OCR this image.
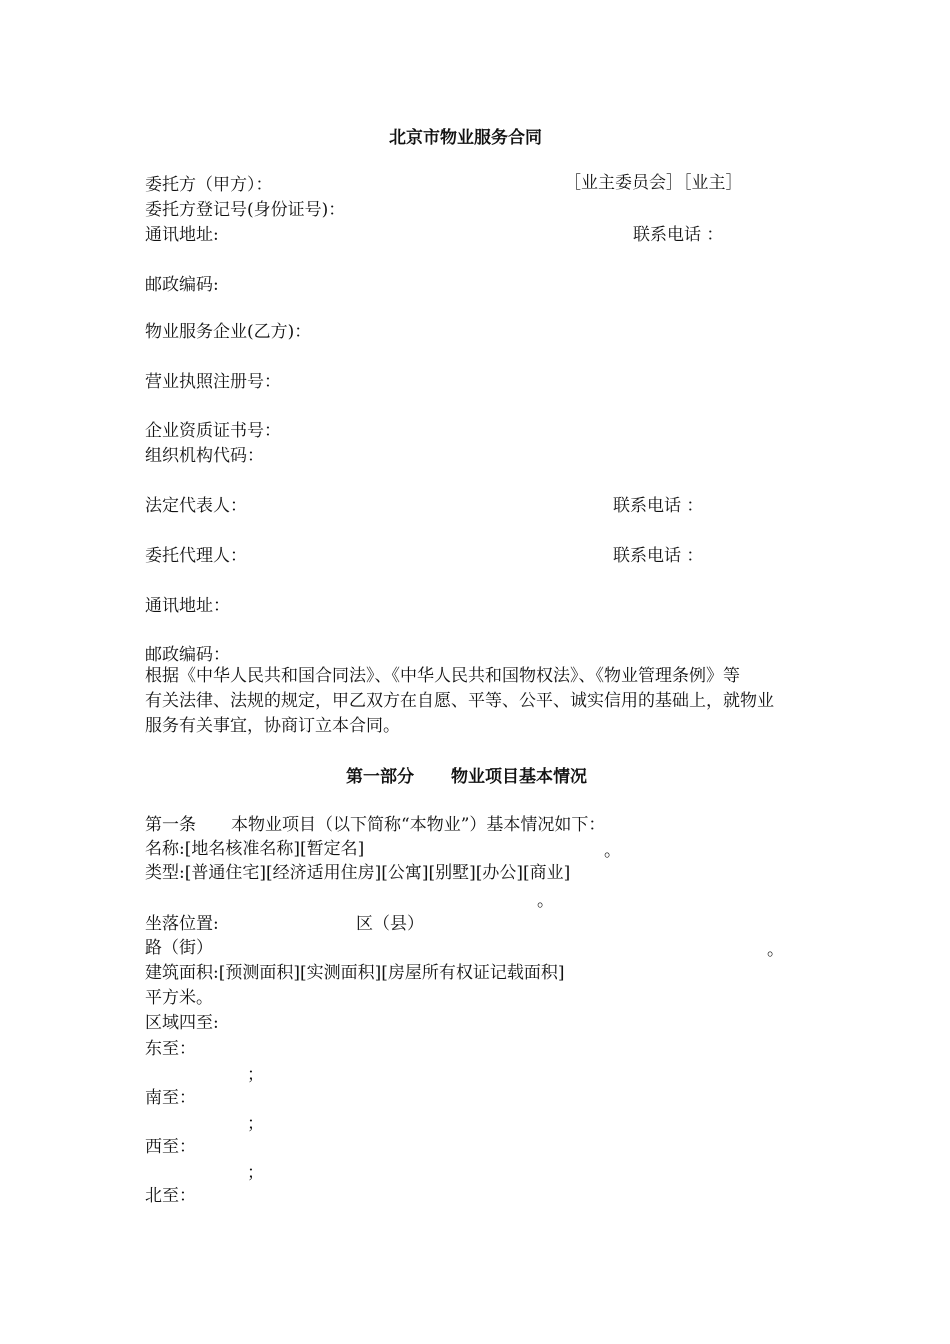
北京市物业服务合同
委托方（甲方）：	［业主委员会］［业主］
委托方登记号(身份证号)：
通讯地址:	联系电话 ：
邮政编码:
物业服务企业(乙方)：
营业执照注册号：
企业资质证书号：
组织机构代码：
法定代表人：	联系电话 ：
委托代理人：	联系电话 ：
通讯地址：
邮政编码：
根据《中华人民共和国合同法》、《中华人民共和国物权法》、《物业管理条例》等
有关法律、法规的规定，甲乙双方在自愿、平等、公平、诚实信用的基础上，就物业
服务有关事宜，协商订立本合同。
第一部分 物业项目基本情况
第一条 本物业项目（以下简称“本物业”）基本情况如下：
名称:[地名核准名称][暂定名]	。
类型:[普通住宅][经济适用住房][公寓][别墅][办公][商业]
。
坐落位置:	区（县）
路（街）	。
建筑面积:[预测面积][实测面积][房屋所有权证记载面积]
平方米。
区域四至:
东至：
；
南至：
；
西至：
；
北至：
